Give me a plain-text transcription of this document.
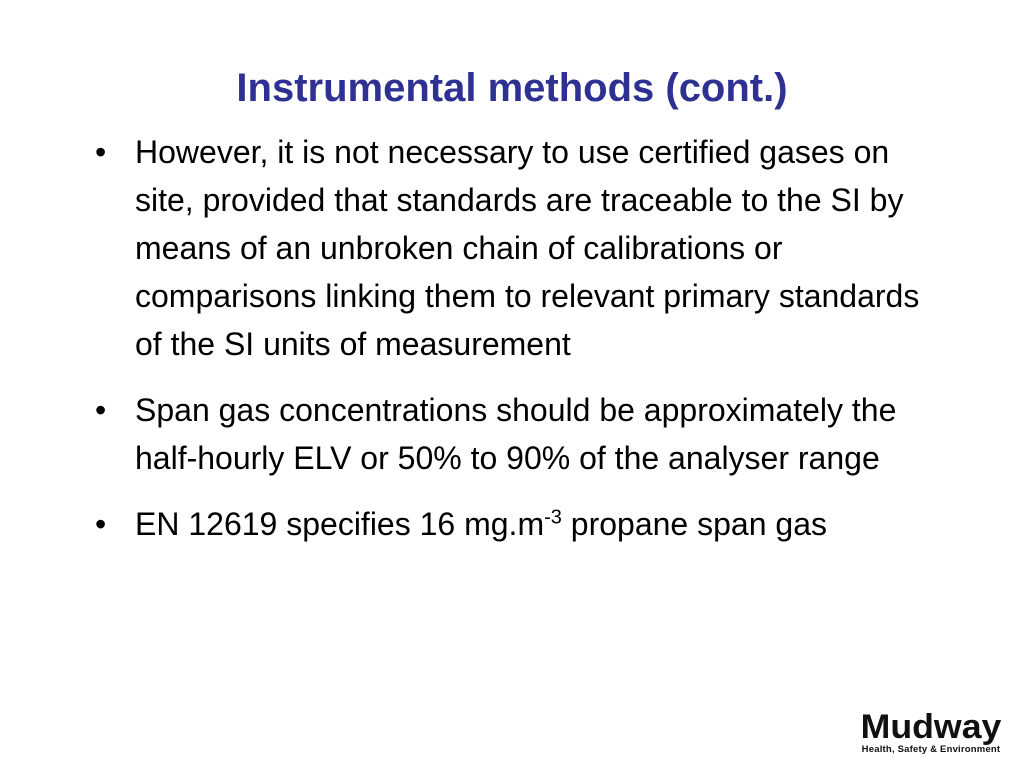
Instrumental methods (cont.)
• However, it is not necessary to use certified gases on site, provided that standards are traceable to the SI by means of an unbroken chain of calibrations or comparisons linking them to relevant primary standards of the SI units of measurement
• Span gas concentrations should be approximately the half-hourly ELV or 50% to 90% of the analyser range
• EN 12619 specifies 16 $mg.m^{-3}$ propane span gas
Mudway
Health, Safety & Environment
